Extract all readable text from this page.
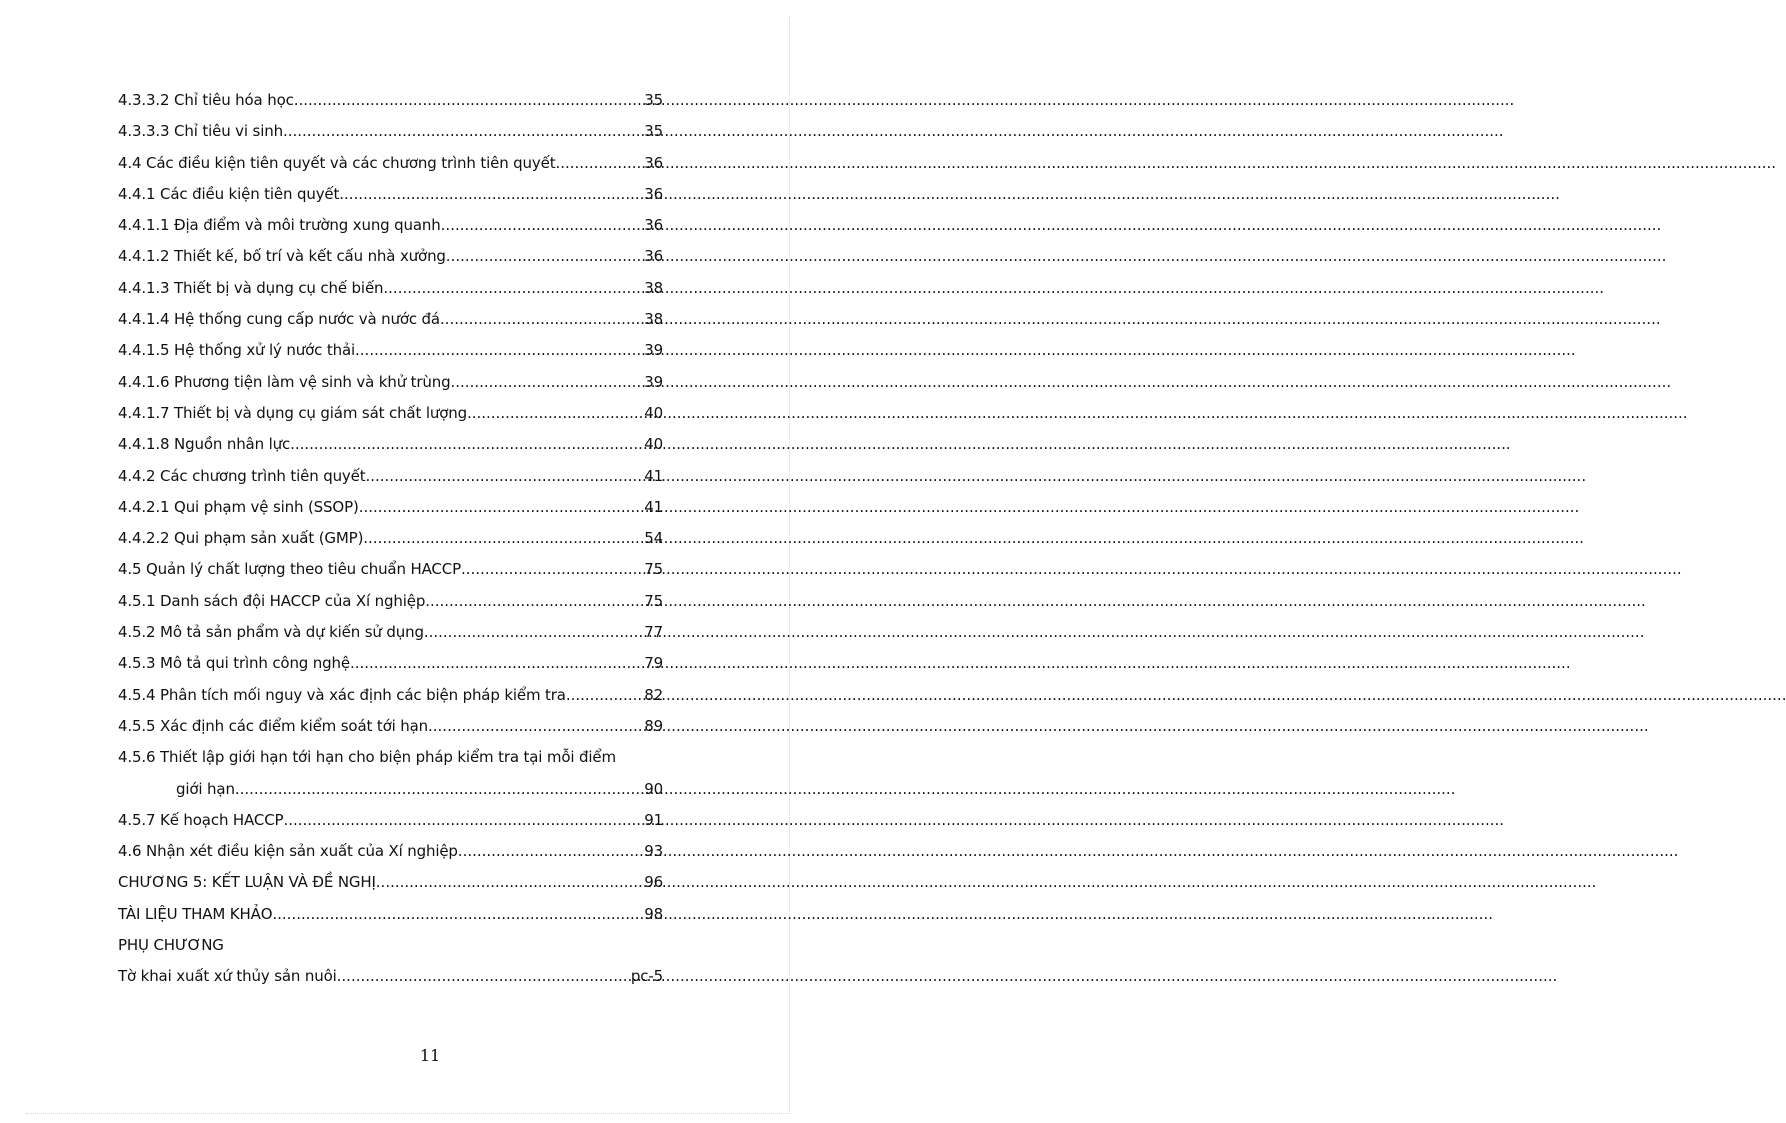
4.3.3.2 Chỉ tiêu hóa học .....	35
4.3.3.3 Chỉ tiêu vi sinh .....	35
4.4 Các điều kiện tiên quyết và các chương trình tiên quyết .....	36
4.4.1 Các điều kiện tiên quyết .....	36
4.4.1.1 Địa điểm và môi trường xung quanh .....	36
4.4.1.2 Thiết kế, bố trí và kết cấu nhà xưởng .....	36
4.4.1.3 Thiết bị và dụng cụ chế biến .....	38
4.4.1.4 Hệ thống cung cấp nước và nước đá .....	38
4.4.1.5 Hệ thống xử lý nước thải .....	39
4.4.1.6 Phương tiện làm vệ sinh và khử trùng .....	39
4.4.1.7 Thiết bị và dụng cụ giám sát chất lượng .....	40
4.4.1.8 Nguồn nhân lực .....	40
4.4.2 Các chương trình tiên quyết .....	41
4.4.2.1 Qui phạm vệ sinh (SSOP) .....	41
4.4.2.2 Qui phạm sản xuất (GMP) .....	54
4.5 Quản lý chất lượng theo tiêu chuẩn HACCP .....	75
4.5.1 Danh sách đội HACCP của Xí nghiệp .....	75
4.5.2 Mô tả sản phẩm và dự kiến sử dụng .....	77
4.5.3 Mô tả qui trình công nghệ .....	79
4.5.4 Phân tích mối nguy và xác định các biện pháp kiểm tra .....	82
4.5.5 Xác định các điểm kiểm soát tới hạn .....	89
4.5.6 Thiết lập giới hạn tới hạn cho biện pháp kiểm tra tại mỗi điểm
giới hạn .....	90
4.5.7 Kế hoạch HACCP .....	91
4.6 Nhận xét điều kiện sản xuất của Xí nghiệp .....	93
CHƯƠNG 5: KẾT LUẬN VÀ ĐỀ NGHỊ .....	96
TÀI LIỆU THAM KHẢO .....	98
PHỤ CHƯƠNG
Tờ khai xuất xứ thủy sản nuôi .....	pc-5
11
